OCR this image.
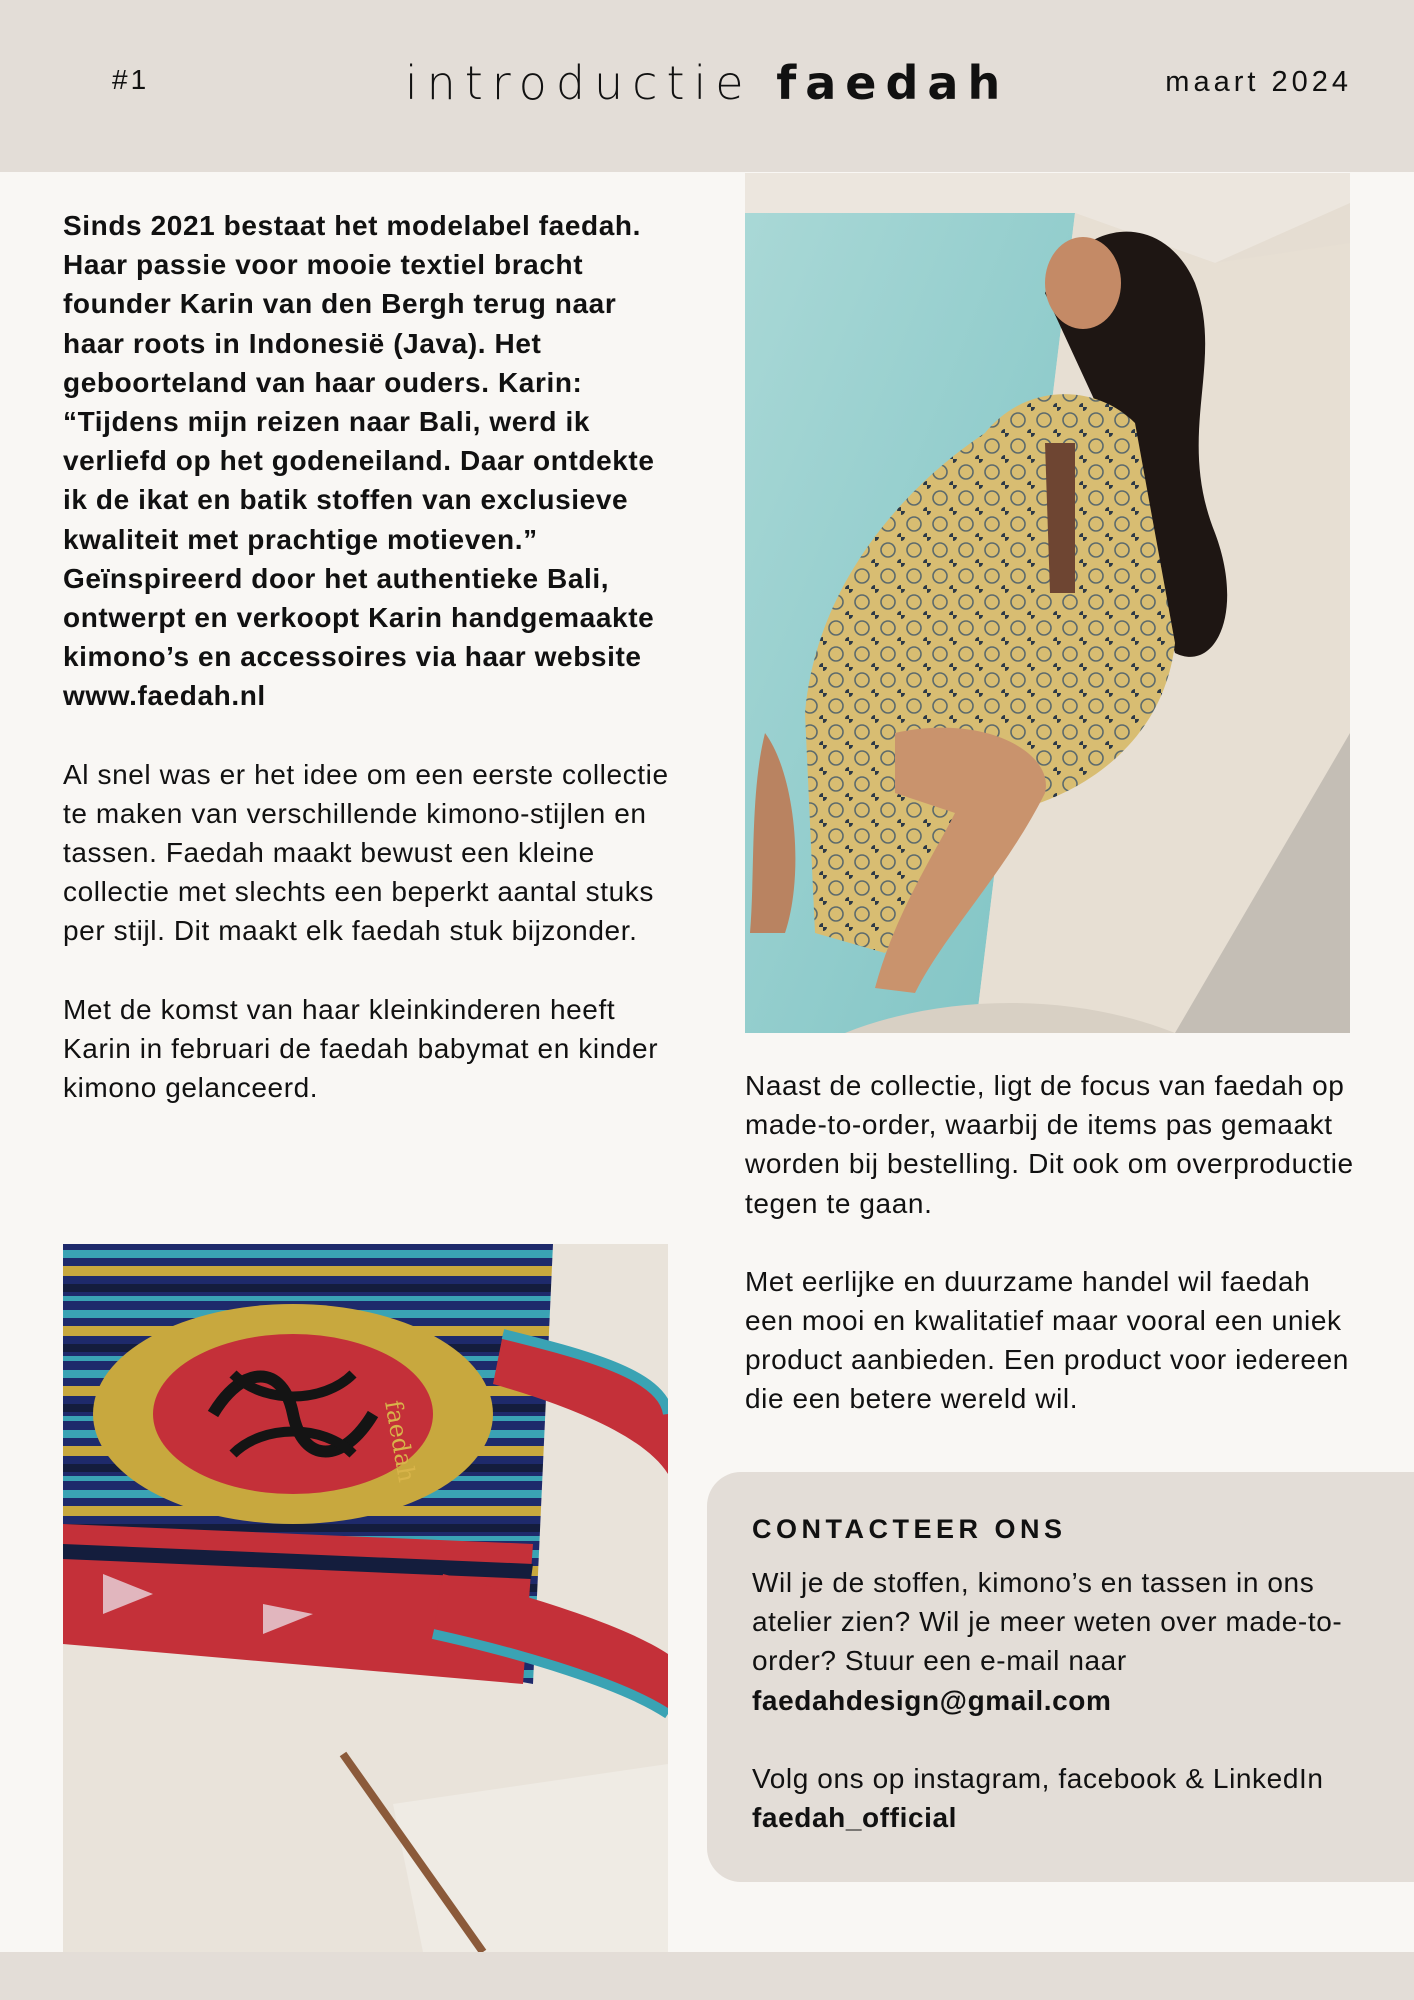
#1	introductie faedah	maart 2024

Sinds 2021 bestaat het modelabel faedah. Haar passie voor mooie textiel bracht founder Karin van den Bergh terug naar haar roots in Indonesië (Java). Het geboorteland van haar ouders. Karin: “Tijdens mijn reizen naar Bali, werd ik verliefd op het godeneiland. Daar ontdekte ik de ikat en batik stoffen van exclusieve kwaliteit met prachtige motieven.” Geïnspireerd door het authentieke Bali, ontwerpt en verkoopt Karin handgemaakte kimono’s en accessoires via haar website www.faedah.nl

Al snel was er het idee om een eerste collectie te maken van verschillende kimono-stijlen en tassen. Faedah maakt bewust een kleine collectie met slechts een beperkt aantal stuks per stijl. Dit maakt elk faedah stuk bijzonder.

Met de komst van haar kleinkinderen heeft Karin in februari de faedah babymat en kinder kimono gelanceerd.	Naast de collectie, ligt de focus van faedah op made-to-order, waarbij de items pas gemaakt worden bij bestelling. Dit ook om overproductie tegen te gaan.

Met eerlijke en duurzame handel wil faedah een mooi en kwalitatief maar vooral een uniek product aanbieden. Een product voor iedereen die een betere wereld wil.

faedah
CONTACTEER ONS

Wil je de stoffen, kimono’s en tassen in ons atelier zien? Wil je meer weten over made-to-order? Stuur een e-mail naar faedahdesign@gmail.com

Volg ons op instagram, facebook & LinkedIn faedah_official
